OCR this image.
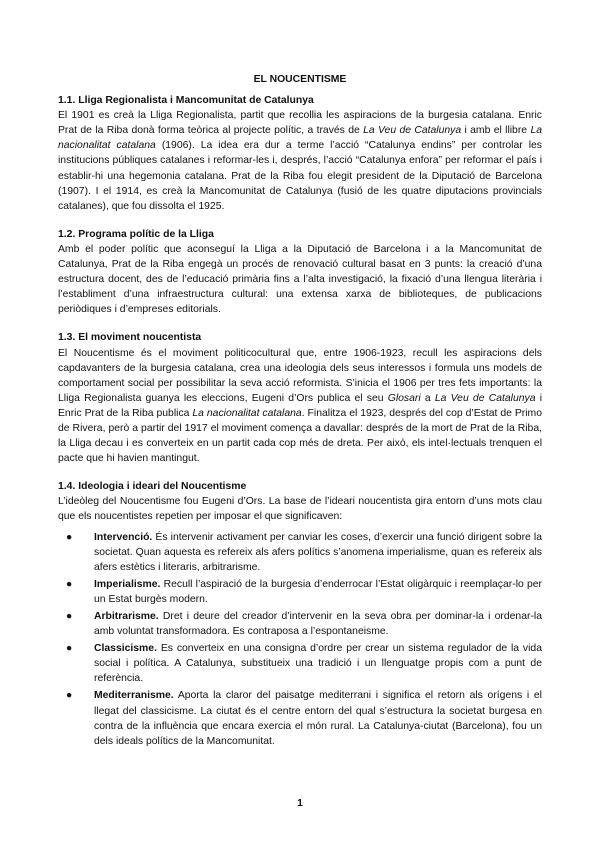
EL NOUCENTISME
1.1. Lliga Regionalista i Mancomunitat de Catalunya

El 1901 es creà la Lliga Regionalista, partit que recollia les aspiracions de la burgesia catalana. Enric Prat de la Riba donà forma teòrica al projecte polític, a través de La Veu de Catalunya i amb el llibre La nacionalitat catalana (1906). La idea era dur a terme l’acció “Catalunya endins” per controlar les institucions públiques catalanes i reformar-les i, després, l’acció “Catalunya enfora” per reformar el país i establir-hi una hegemonia catalana. Prat de la Riba fou elegit president de la Diputació de Barcelona (1907). I el 1914, es creà la Mancomunitat de Catalunya (fusió de les quatre diputacions provincials catalanes), que fou dissolta el 1925.

1.2. Programa polític de la Lliga

Amb el poder polític que aconseguí la Lliga a la Diputació de Barcelona i a la Mancomunitat de Catalunya, Prat de la Riba engegà un procés de renovació cultural basat en 3 punts: la creació d’una estructura docent, des de l’educació primària fins a l’alta investigació, la fixació d’una llengua literària i l’establiment d’una infraestructura cultural: una extensa xarxa de biblioteques, de publicacions periòdiques i d’empreses editorials.

1.3. El moviment noucentista

El Noucentisme és el moviment politicocultural que, entre 1906-1923, recull les aspiracions dels capdavanters de la burgesia catalana, crea una ideologia dels seus interessos i formula uns models de comportament social per possibilitar la seva acció reformista. S’inicia el 1906 per tres fets importants: la Lliga Regionalista guanya les eleccions, Eugeni d’Ors publica el seu Glosari a La Veu de Catalunya i Enric Prat de la Riba publica La nacionalitat catalana. Finalitza el 1923, després del cop d’Estat de Primo de Rivera, però a partir del 1917 el moviment comença a davallar: després de la mort de Prat de la Riba, la Lliga decau i es converteix en un partit cada cop més de dreta. Per això, els intel·lectuals trenquen el pacte que hi havien mantingut.

1.4. Ideologia i ideari del Noucentisme

L’ideòleg del Noucentisme fou Eugeni d’Ors. La base de l’ideari noucentista gira entorn d’uns mots clau que els noucentistes repetien per imposar el que significaven:

● Intervenció. És intervenir activament per canviar les coses, d’exercir una funció dirigent sobre la societat. Quan aquesta es refereix als afers polítics s’anomena imperialisme, quan es refereix als afers estètics i literaris, arbitrarisme.
● Imperialisme. Recull l’aspiració de la burgesia d’enderrocar l’Estat oligàrquic i reemplaçar-lo per un Estat burgès modern.
● Arbitrarisme. Dret i deure del creador d’intervenir en la seva obra per dominar-la i ordenar-la amb voluntat transformadora. Es contraposa a l’espontaneisme.
● Classicisme. Es converteix en una consigna d’ordre per crear un sistema regulador de la vida social i política. A Catalunya, substitueix una tradició i un llenguatge propis com a punt de referència.
● Mediterranisme. Aporta la claror del paisatge mediterrani i significa el retorn als orígens i el llegat del classicisme. La ciutat és el centre entorn del qual s’estructura la societat burgesa en contra de la influència que encara exercia el món rural. La Catalunya-ciutat (Barcelona), fou un dels ideals polítics de la Mancomunitat.
1
